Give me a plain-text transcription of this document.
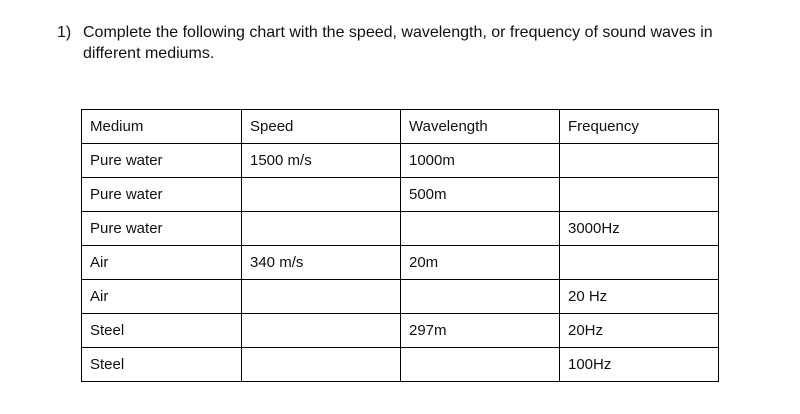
1) Complete the following chart with the speed, wavelength, or frequency of sound waves in different mediums.
Medium	Speed	Wavelength	Frequency
Pure water	1500 m/s	1000m	
Pure water		500m	
Pure water			3000Hz
Air	340 m/s	20m	
Air			20 Hz
Steel		297m	20Hz
Steel			100Hz
